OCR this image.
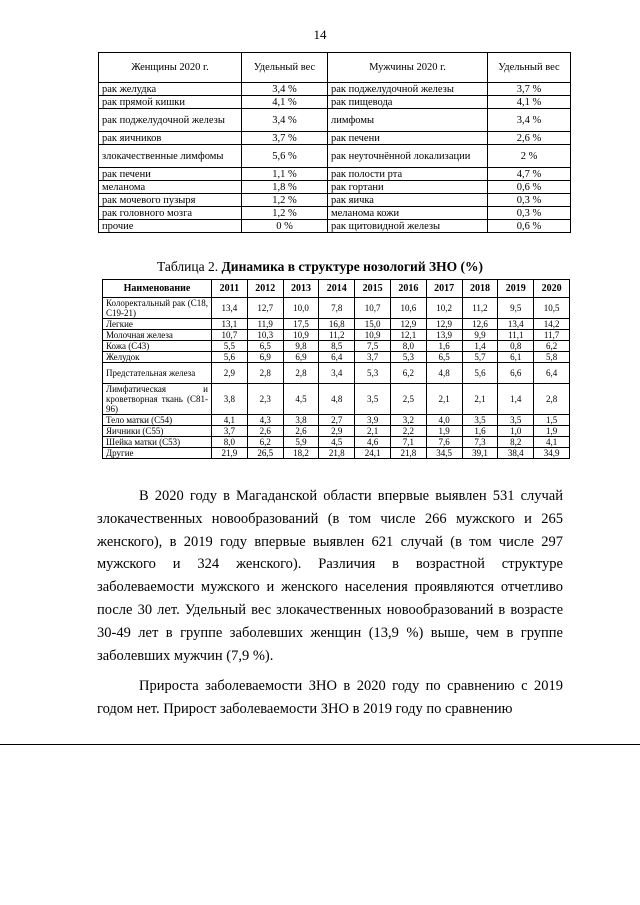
14
Женщины 2020 г.	Удельный вес	Мужчины 2020 г.	Удельный вес
рак желудка	3,4 %	рак поджелудочной железы	3,7 %
рак прямой кишки	4,1 %	рак пищевода	4,1 %
рак поджелудочной железы	3,4 %	лимфомы	3,4 %
рак яичников	3,7 %	рак печени	2,6 %
злокачественные лимфомы	5,6 %	рак неуточнённой локализации	2 %
рак печени	1,1 %	рак полости рта	4,7 %
меланома	1,8 %	рак гортани	0,6 %
рак мочевого пузыря	1,2 %	рак яичка	0,3 %
рак головного мозга	1,2 %	меланома кожи	0,3 %
прочие	0 %	рак щитовидной железы	0,6 %
Таблица 2. Динамика в структуре нозологий ЗНО (%)
Наименование	2011	2012	2013	2014	2015	2016	2017	2018	2019	2020
Колоректальный рак (С18, С19-21)	13,4	12,7	10,0	7,8	10,7	10,6	10,2	11,2	9,5	10,5
Легкие	13,1	11,9	17,5	16,8	15,0	12,9	12,9	12,6	13,4	14,2
Молочная железа	10,7	10,3	10,9	11,2	10,9	12,1	13,9	9,9	11,1	11,7
Кожа (С43)	5,5	6,5	9,8	8,5	7,5	8,0	1,6	1,4	0,8	6,2
Желудок	5,6	6,9	6,9	6,4	3,7	5,3	6,5	5,7	6,1	5,8
Предстательная железа	2,9	2,8	2,8	3,4	5,3	6,2	4,8	5,6	6,6	6,4
Лимфатическая и кроветворная ткань (С81-96)	3,8	2,3	4,5	4,8	3,5	2,5	2,1	2,1	1,4	2,8
Тело матки (С54)	4,1	4,3	3,8	2,7	3,9	3,2	4,0	3,5	3,5	1,5
Яичники (С55)	3,7	2,6	2,6	2,9	2,1	2,2	1,9	1,6	1,0	1,9
Шейка матки (С53)	8,0	6,2	5,9	4,5	4,6	7,1	7,6	7,3	8,2	4,1
Другие	21,9	26,5	18,2	21,8	24,1	21,8	34,5	39,1	38,4	34,9

В 2020 году в Магаданской области впервые выявлен 531 случай злокачественных новообразований (в том числе 266 мужского и 265 женского), в 2019 году впервые выявлен 621 случай (в том числе 297 мужского и 324 женского). Различия в возрастной структуре заболеваемости мужского и женского населения проявляются отчетливо после 30 лет. Удельный вес злокачественных новообразований в возрасте 30-49 лет в группе заболевших женщин (13,9 %) выше, чем в группе заболевших мужчин (7,9 %).

Прироста заболеваемости ЗНО в 2020 году по сравнению с 2019 годом нет. Прирост заболеваемости ЗНО в 2019 году по сравнению
